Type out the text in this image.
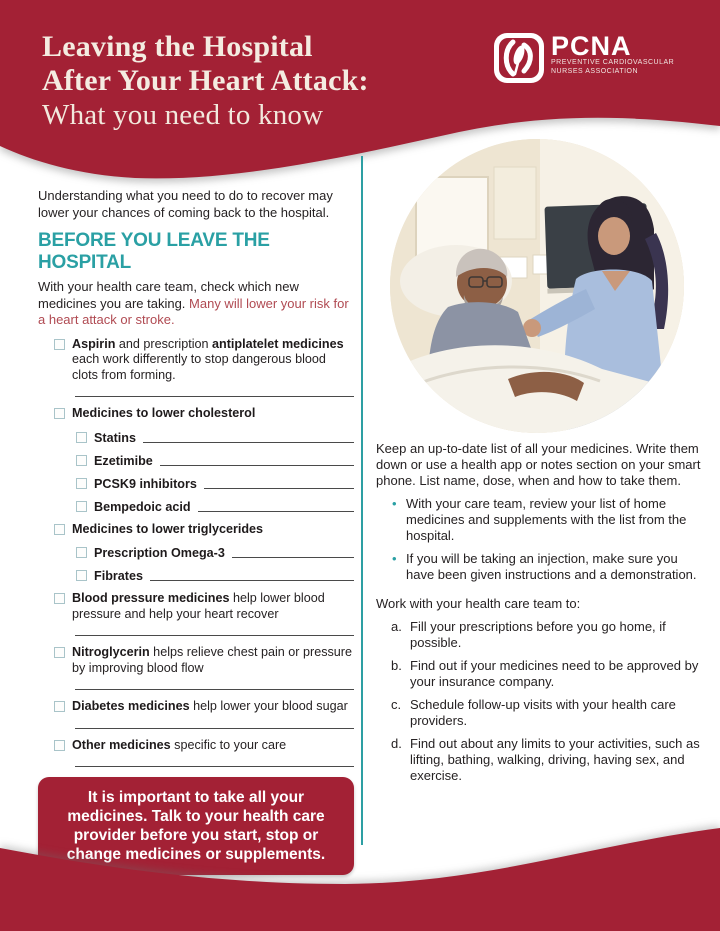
Leaving the Hospital
After Your Heart Attack:
What you need to know
PCNA
PREVENTIVE CARDIOVASCULAR
NURSES ASSOCIATION

Understanding what you need to do to recover may lower your chances of coming back to the hospital.

BEFORE YOU LEAVE THE HOSPITAL

With your health care team, check which new medicines you are taking. Many will lower your risk for a heart attack or stroke.

Aspirin and prescription antiplatelet medicines each work differently to stop dangerous blood clots from forming.
Medicines to lower cholesterol
Statins
Ezetimibe
PCSK9 inhibitors
Bempedoic acid
Medicines to lower triglycerides
Prescription Omega-3
Fibrates
Blood pressure medicines help lower blood pressure and help your heart recover
Nitroglycerin helps relieve chest pain or pressure by improving blood flow
Diabetes medicines help lower your blood sugar
Other medicines specific to your care
It is important to take all your medicines. Talk to your health care provider before you start, stop or change medicines or supplements.

Keep an up-to-date list of all your medicines. Write them down or use a health app or notes section on your smart phone. List name, dose, when and how to take them.

• With your care team, review your list of home medicines and supplements with the list from the hospital.
• If you will be taking an injection, make sure you have been given instructions and a demonstration.

Work with your health care team to:

a. Fill your prescriptions before you go home, if possible.
b. Find out if your medicines need to be approved by your insurance company.
c. Schedule follow-up visits with your health care providers.
d. Find out about any limits to your activities, such as lifting, bathing, walking, driving, having sex, and exercise.
